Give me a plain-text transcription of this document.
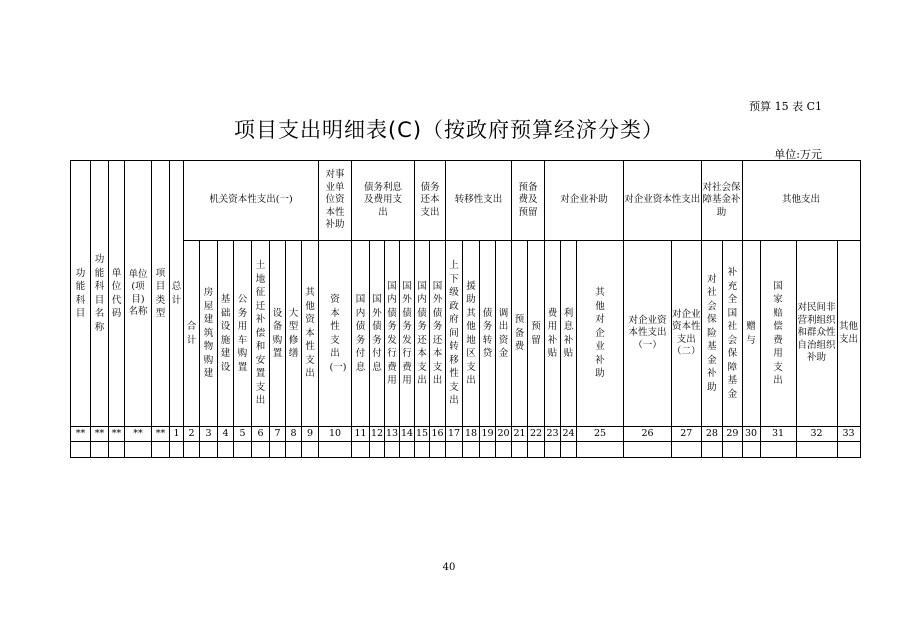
预算 15 表 C1
项目支出明细表(C)（按政府预算经济分类）
单位:万元
功能科目	功能科目名称	单位代码	单位(项目)名称	项目类型	总计	机关资本性支出(一)								对事业单位资本性补助	债务利息及费用支出				债务还本支出		转移性支出				预备费及预留		对企业补助			对企业资本性支出		对社会保障基金补助		其他支出			
						合计	房屋建筑物购建	基础设施建设	公务用车购置	土地征迁补偿和安置支出	设备购置	大型修缮	其他资本性支出	资本性支出(一)	国内债务付息	国外债务付息	国内债务发行费用	国外债务发行费用	国内债务还本支出	国外债务还本支出	上下级政府间转移性支出	援助其他地区支出	债务转贷	调出资金	预备费	预留	费用补贴	利息补贴	其他对企业补助	对企业资本性支出（一）	对企业资本性支出（二）	对社会保险基金补助	补充全国社会保障基金	赠与	国家赔偿费用支出	对民间非营利组织和群众性自治组织补助	其他支出
**	**	**	**	**	1	2	3	4	5	6	7	8	9	10	11	12	13	14	15	16	17	18	19	20	21	22	23	24	25	26	27	28	29	30	31	32	33

40
